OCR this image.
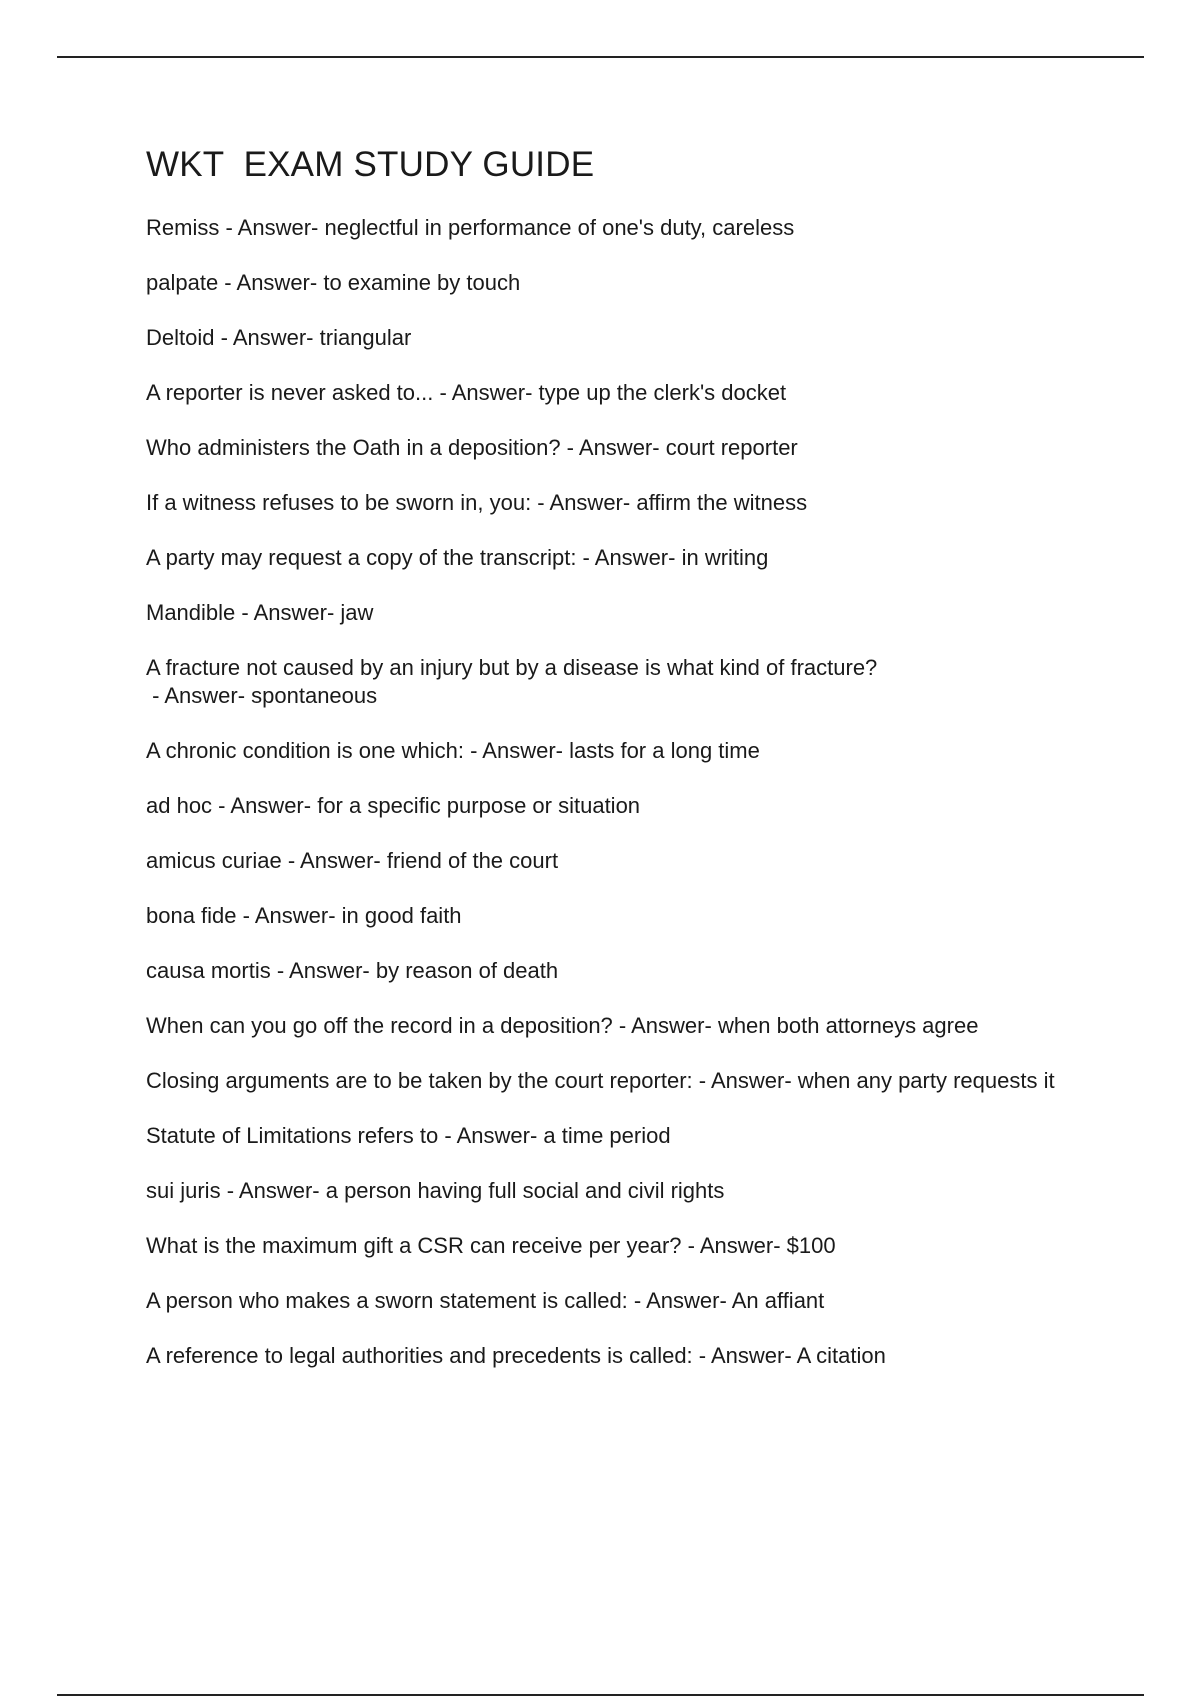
WKT  EXAM STUDY GUIDE
Remiss - Answer- neglectful in performance of one's duty, careless
palpate - Answer- to examine by touch
Deltoid - Answer- triangular
A reporter is never asked to... - Answer- type up the clerk's docket
Who administers the Oath in a deposition? - Answer- court reporter
If a witness refuses to be sworn in, you: - Answer- affirm the witness
A party may request a copy of the transcript: - Answer- in writing
Mandible - Answer- jaw
A fracture not caused by an injury but by a disease is what kind of fracture? - Answer- spontaneous
A chronic condition is one which: - Answer- lasts for a long time
ad hoc - Answer- for a specific purpose or situation
amicus curiae - Answer- friend of the court
bona fide - Answer- in good faith
causa mortis - Answer- by reason of death
When can you go off the record in a deposition? - Answer- when both attorneys agree
Closing arguments are to be taken by the court reporter: - Answer- when any party requests it
Statute of Limitations refers to - Answer- a time period
sui juris - Answer- a person having full social and civil rights
What is the maximum gift a CSR can receive per year? - Answer- $100
A person who makes a sworn statement is called: - Answer- An affiant
A reference to legal authorities and precedents is called: - Answer- A citation
